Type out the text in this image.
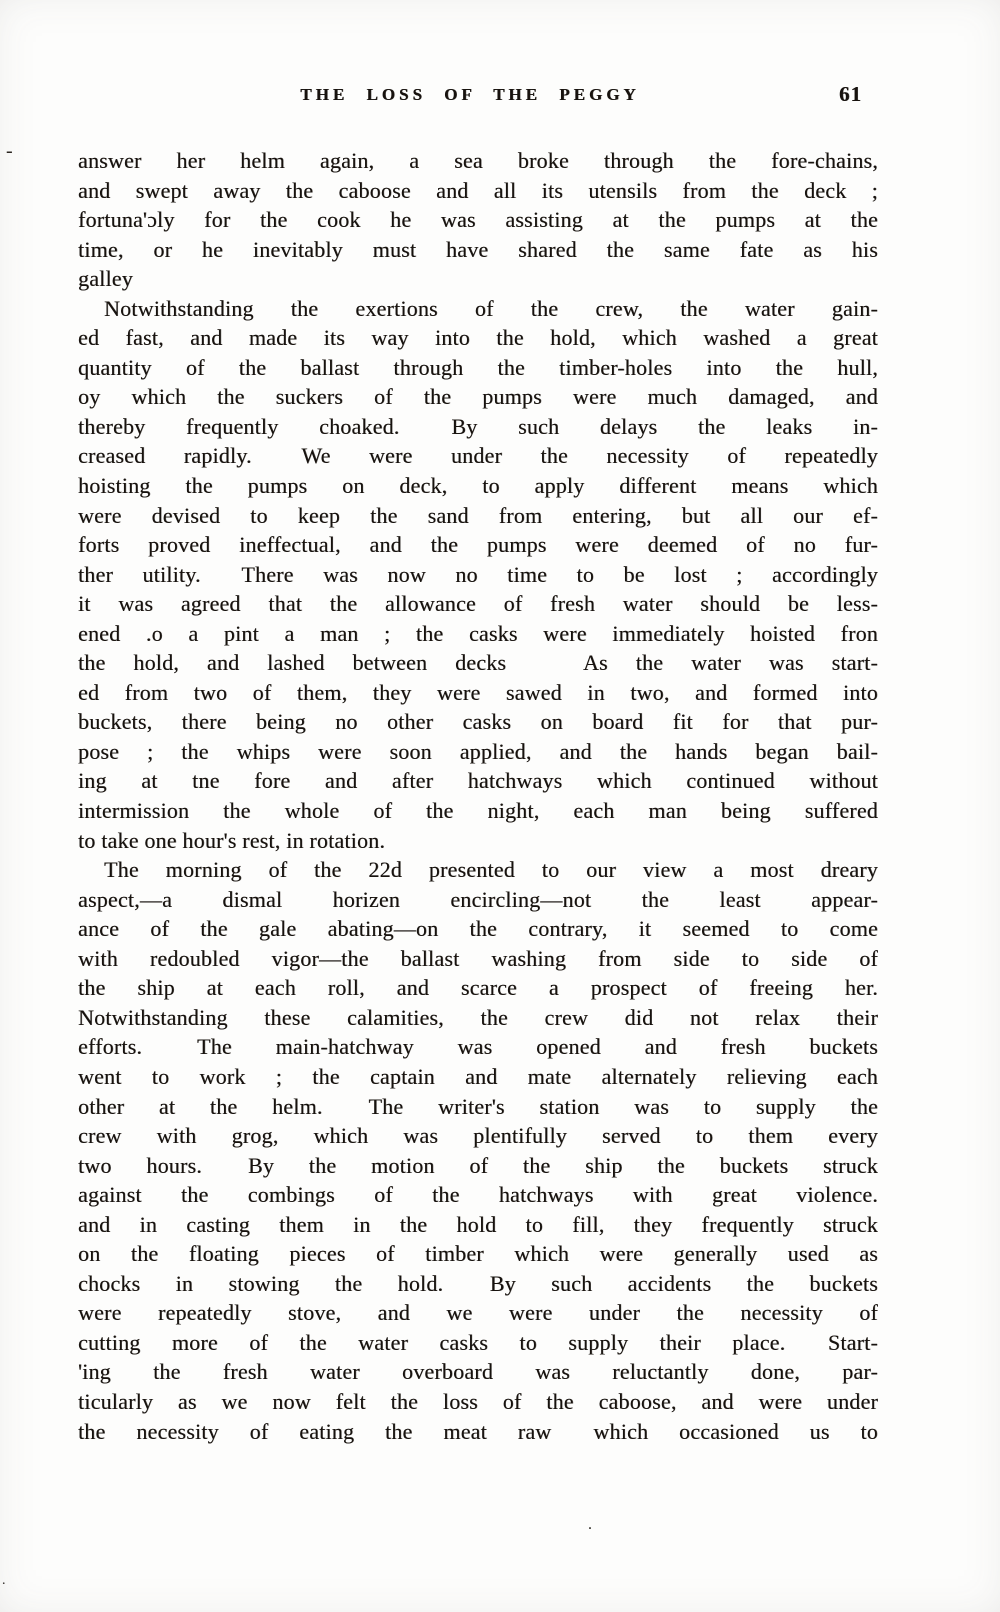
THE LOSS OF THE PEGGY	61
answer her helm again, a sea broke through the fore-chains,
and swept away the caboose and all its utensils from the deck ;
fortuna'ɔly for the cook he was assisting at the pumps at the
time, or he inevitably must have shared the same fate as his
galley
Notwithstanding the exertions of the crew, the water gain-
ed fast, and made its way into the hold, which washed a great
quantity of the ballast through the timber-holes into the hull,
oy which the suckers of the pumps were much damaged, and
thereby frequently choaked.  By such delays the leaks in-
creased rapidly.  We were under the necessity of repeatedly
hoisting the pumps on deck, to apply different means which
were devised to keep the sand from entering, but all our ef-
forts proved ineffectual, and the pumps were deemed of no fur-
ther utility.  There was now no time to be lost ; accordingly
it was agreed that the allowance of fresh water should be less-
ened .o a pint a man ; the casks were immediately hoisted fron
the hold, and lashed between decks   As the water was start-
ed from two of them, they were sawed in two, and formed into
buckets, there being no other casks on board fit for that pur-
pose ; the whips were soon applied, and the hands began bail-
ing at tne fore and after hatchways which continued without
intermission the whole of the night, each man being suffered
to take one hour's rest, in rotation.
The morning of the 22d presented to our view a most dreary
aspect,—a dismal horizen encircling—not the least appear-
ance of the gale abating—on the contrary, it seemed to come
with redoubled vigor—the ballast washing from side to side of
the ship at each roll, and scarce a prospect of freeing her.
Notwithstanding these calamities, the crew did not relax their
efforts.  The main-hatchway was opened and fresh buckets
went to work ; the captain and mate alternately relieving each
other at the helm.  The writer's station was to supply the
crew with grog, which was plentifully served to them every
two hours.  By the motion of the ship the buckets struck
against the combings of the hatchways with great violence.
and in casting them in the hold to fill, they frequently struck
on the floating pieces of timber which were generally used as
chocks in stowing the hold.  By such accidents the buckets
were repeatedly stove, and we were under the necessity of
cutting more of the water casks to supply their place.  Start-
'ing the fresh water overboard was reluctantly done, par-
ticularly as we now felt the loss of the caboose, and were under
the necessity of eating the meat raw  which occasioned us to
-
.
.
